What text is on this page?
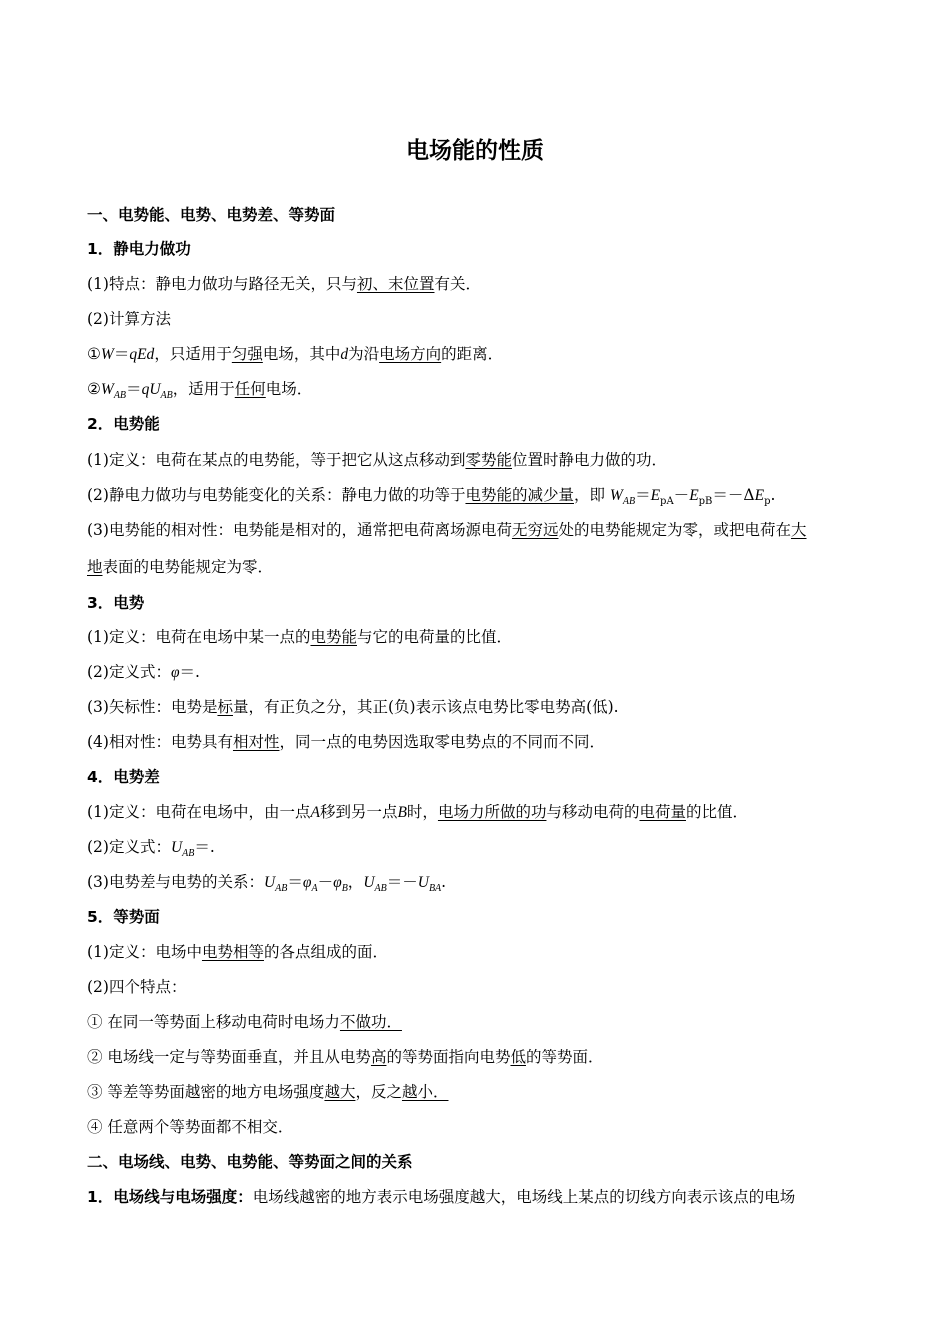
电场能的性质
一、电势能、电势、电势差、等势面
1．静电力做功
(1)特点：静电力做功与路径无关，只与初、末位置有关．
(2)计算方法
①W＝qEd，只适用于匀强电场，其中d为沿电场方向的距离．
$②W_{AB}=qU_{AB}$，适用于任何电场．
2．电势能
(1)定义：电荷在某点的电势能，等于把它从这点移动到零势能位置时静电力做的功．
(2)静电力做功与电势能变化的关系：静电力做的功等于电势能的减少量，即 $W_{AB}=E_{pA}-E_{pB}=-\Delta E_p$.
(3)电势能的相对性：电势能是相对的，通常把电荷离场源电荷无穷远处的电势能规定为零，或把电荷在大
地表面的电势能规定为零．
3．电势
(1)定义：电荷在电场中某一点的电势能与它的电荷量的比值．
(2)定义式：φ＝.
(3)矢标性：电势是标量，有正负之分，其正(负)表示该点电势比零电势高(低).
(4)相对性：电势具有相对性，同一点的电势因选取零电势点的不同而不同．
4．电势差
(1)定义：电荷在电场中，由一点A移到另一点B时，电场力所做的功与移动电荷的电荷量的比值．
(2)定义式：$U_{AB}=$.
(3)电势差与电势的关系：$U_{AB}=\varphi_A-\varphi_B$，$U_{AB}=-U_{BA}$.
5．等势面
(1)定义：电场中电势相等的各点组成的面．
(2)四个特点：
① 在同一等势面上移动电荷时电场力不做功．
② 电场线一定与等势面垂直，并且从电势高的等势面指向电势低的等势面．
③ 等差等势面越密的地方电场强度越大，反之越小．
④ 任意两个等势面都不相交．
二、电场线、电势、电势能、等势面之间的关系
1．电场线与电场强度：电场线越密的地方表示电场强度越大，电场线上某点的切线方向表示该点的电场
